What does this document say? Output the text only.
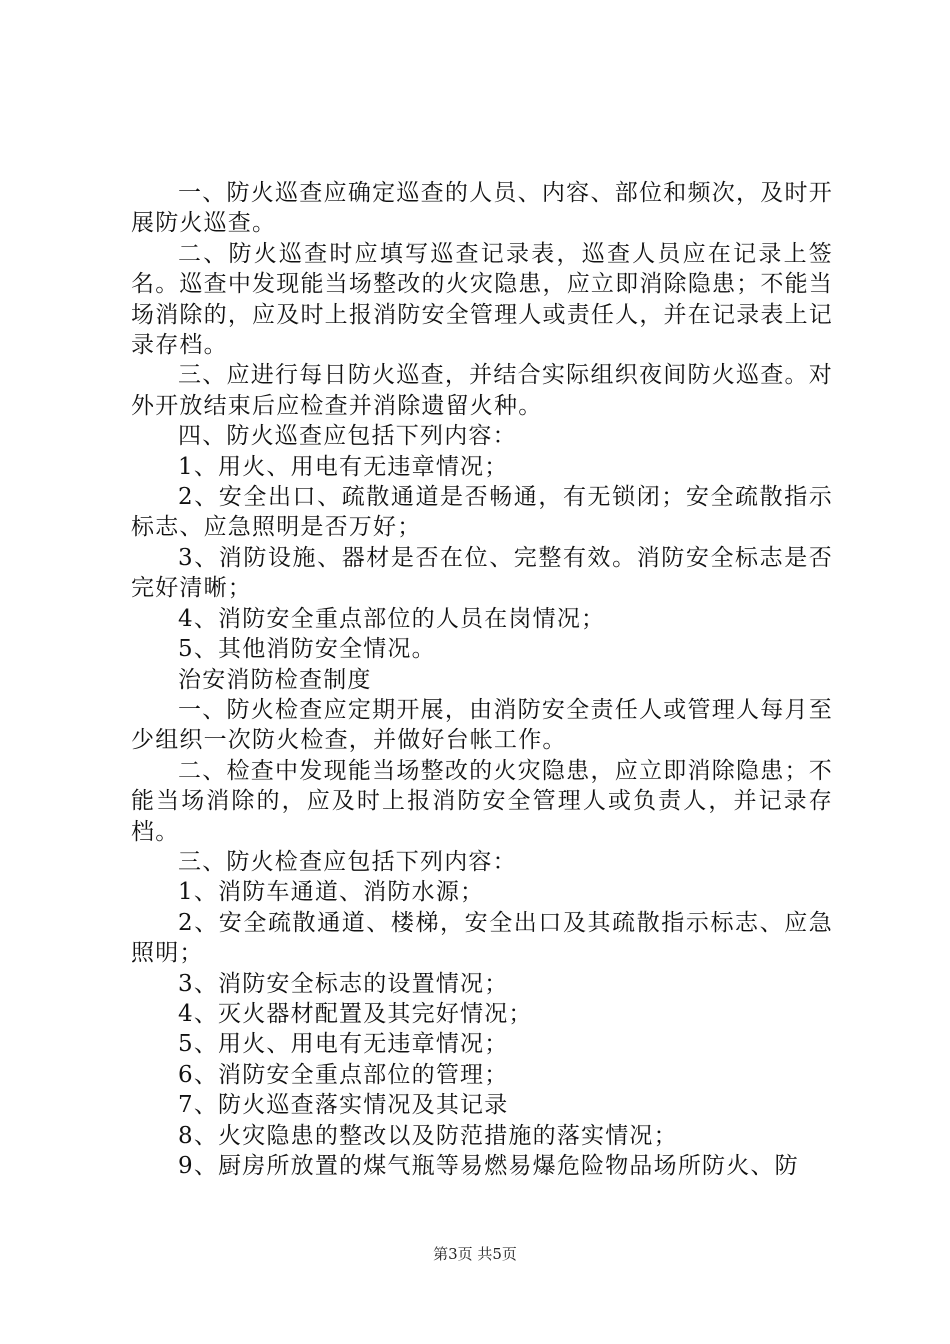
一、防火巡查应确定巡查的人员、内容、部位和频次，及时开展防火巡查。

二、防火巡查时应填写巡查记录表，巡查人员应在记录上签名。巡查中发现能当场整改的火灾隐患，应立即消除隐患；不能当场消除的，应及时上报消防安全管理人或责任人，并在记录表上记录存档。

三、应进行每日防火巡查，并结合实际组织夜间防火巡查。对外开放结束后应检查并消除遗留火种。

四、防火巡查应包括下列内容：

1、用火、用电有无违章情况；

2、安全出口、疏散通道是否畅通，有无锁闭；安全疏散指示标志、应急照明是否万好；

3、消防设施、器材是否在位、完整有效。消防安全标志是否完好清晰；

4、消防安全重点部位的人员在岗情况；

5、其他消防安全情况。

治安消防检查制度

一、防火检查应定期开展，由消防安全责任人或管理人每月至少组织一次防火检查，并做好台帐工作。

二、检查中发现能当场整改的火灾隐患，应立即消除隐患；不能当场消除的，应及时上报消防安全管理人或负责人，并记录存档。

三、防火检查应包括下列内容：

1、消防车通道、消防水源；

2、安全疏散通道、楼梯，安全出口及其疏散指示标志、应急照明；

3、消防安全标志的设置情况；

4、灭火器材配置及其完好情况；

5、用火、用电有无违章情况；

6、消防安全重点部位的管理；

7、防火巡查落实情况及其记录

8、火灾隐患的整改以及防范措施的落实情况；

9、厨房所放置的煤气瓶等易燃易爆危险物品场所防火、防

第3页 共5页
